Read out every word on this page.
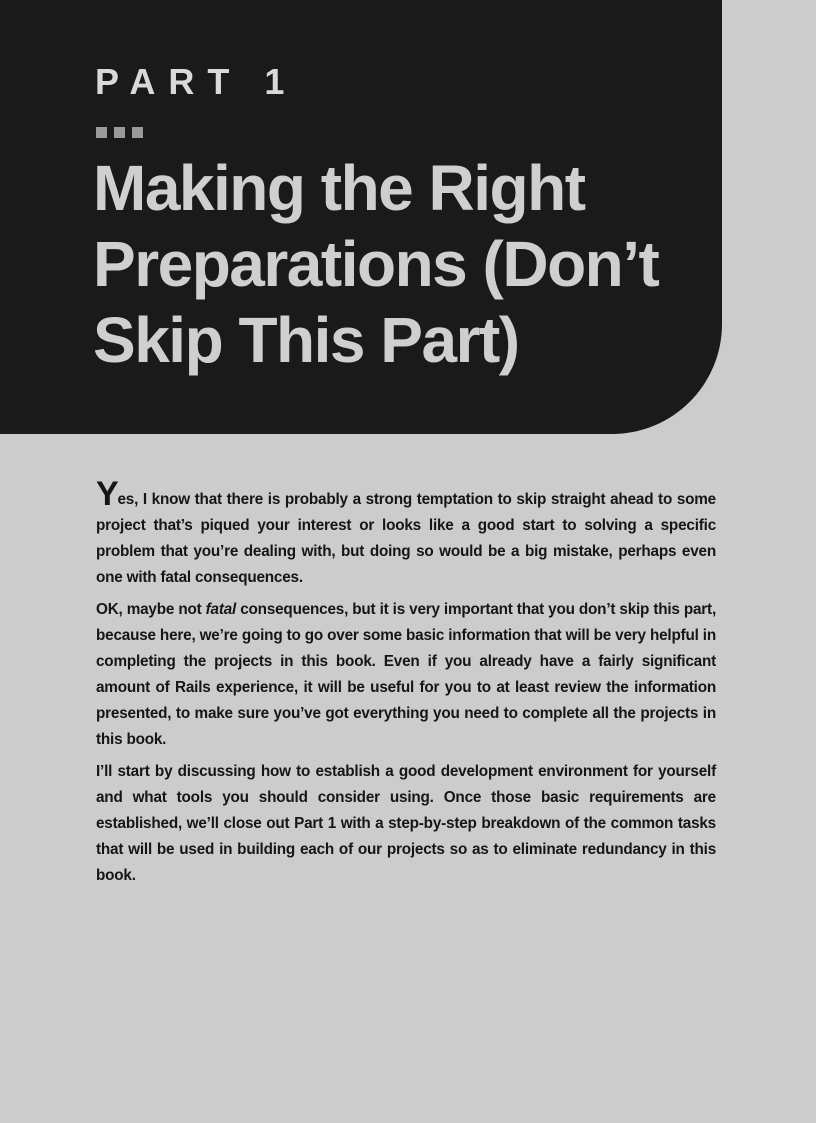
PART 1
Making the Right Preparations (Don’t Skip This Part)

Yes, I know that there is probably a strong temptation to skip straight ahead to some project that’s piqued your interest or looks like a good start to solving a specific problem that you’re dealing with, but doing so would be a big mistake, perhaps even one with fatal consequences.

OK, maybe not fatal consequences, but it is very important that you don’t skip this part, because here, we’re going to go over some basic information that will be very helpful in completing the projects in this book. Even if you already have a fairly significant amount of Rails experience, it will be useful for you to at least review the information presented, to make sure you’ve got everything you need to complete all the projects in this book.

I’ll start by discussing how to establish a good development environment for yourself and what tools you should consider using. Once those basic requirements are established, we’ll close out Part 1 with a step-by-step breakdown of the common tasks that will be used in building each of our projects so as to eliminate redundancy in this book.
